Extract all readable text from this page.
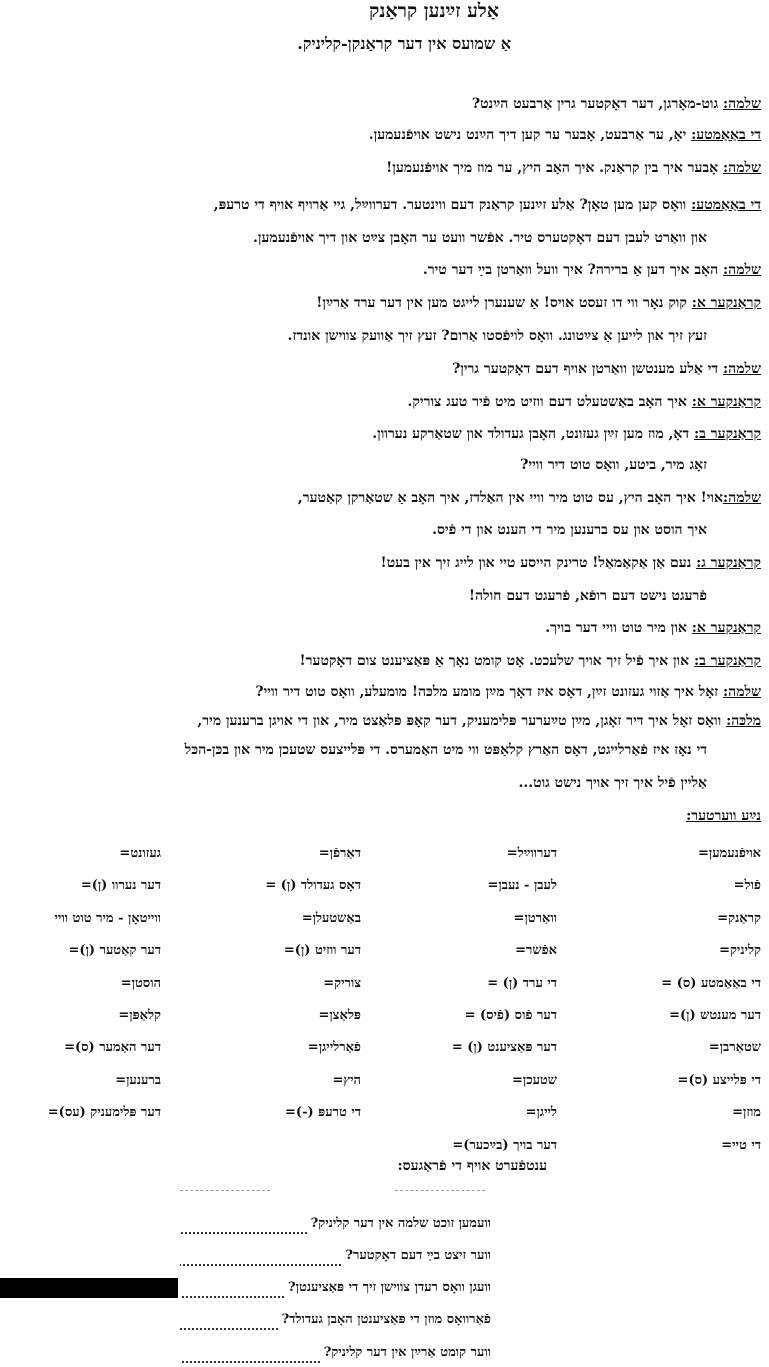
אַלע זײַנען קראַנק
אַ שמועס אין דער קראַנקן-קליניק.
שלמה: גוט-מאָרגן, דער דאָקטער גרין אַרבעט הײַנט?
די באַאַמטע: יאָ, ער אַרבעט, אָבער ער קען דיך הײַנט נישט אויפֿנעמען.
שלמה: אָבער איך בין קראַנק. איך האָב היץ, ער מוז מיך אויפֿנעמען!
די באַאַמטע: וואָס קען מען טאָן? אַלע זײַנען קראַנק דעם ווינטער. דערווײַל, גיי אַרויף אויף די טרעפּ,
און וואַרט לעבן דעם דאָקטערס טיר. אפֿשר וועט ער האָבן צײַט און דיך אויפֿנעמען.
שלמה: האָב איך דען אַ ברירה? איך וועל וואַרטן בײַ דער טיר.
קראַנקער א: קוק נאָר ווי דו זעסט אויס! אַ שענערן לייגט מען אין דער ערד אַרײַן!
זעץ זיך און לייען אַ צײַטונג. וואָס לויפֿסטו אַרום? זעץ זיך אַוועק צווישן אונדז.
שלמה: די אַלע מענטשן וואַרטן אויף דעם דאָקטער גרין?
קראַנקער א: איך האָב באַשטעלט דעם ווזיט מיט פֿיר טעג צוריק.
קראַנקער ב: דאָ, מוז מען זײַן געזונט, האָבן געדולד און שטאַרקע נערוון.
זאָג מיר, ביטע, וואָס טוט דיר וויי?
שלמה:אוי! איך האָב היץ, עס טוט מיר וויי אין האַלדז, איך האָב אַ שטאַרקן קאַטער,
איך הוסט און עס ברענען מיר די הענט און די פֿיס.
קראַנקער ג: נעם אַן אַקאַמאַל! טרינק הייסע טיי און לייג זיך אין בעט!
פֿרעגט נישט דעם רופֿא, פֿרעגט דעם חולה!
קראַנקער א: און מיר טוט וויי דער בויך.
קראַנקער ב: און איך פֿיל זיך אויך שלעכט. אָט קומט נאָך אַ פּאַציענט צום דאָקטער!
שלמה: זאָל איך אַזוי געזונט זײַן, דאָס איז דאָך מײַן מומע מלכּה! מומעלע, וואָס טוט דיר וויי?
מלכּה: וואָס זאָל איך דיר זאָגן, מײַן טײַערער פּלימעניק, דער קאָפּ פּלאַצט מיר, און די אויגן ברענען מיר,
די נאָז איז פֿאַרלייגט, דאָס האַרץ קלאַפּט ווי מיט האַמערס. די פּלייצעס שטעכן מיר און בכּן-הכּל
אַליין פֿיל איך זיך אויך נישט גוט...
נײַע ווערטער:
אויפֿנעמען=
פֿול=
קראַנק=
קליניק=
די באַאַמטע (ס) =
דער מענטש (ן)=
שטאַרבן=
די פּלייצע (ס)=
מוזן=
די טיי=
דערווײַל=
לעבן - נעבן=
וואַרטן=
אפֿשר=
די ערד (ן) =
דער פֿוס (פֿיס) =
דער פּאַציענט (ן) =
שטעכן=
לייגן=
דער בויך (בײַכער)=
דאַרפֿן=
דאָס געדולד (ן) =
באַשטעלן=
דער ווזיט (ן)=
צוריק=
פּלאַצן=
פֿאַרלייגן=
היץ=
די טרעפּ (-)=
געזונט=
דער נערוו (ן)=
ווייטאָן - מיר טוט וויי
דער קאַטער (ן)=
הוסטן=
קלאַפּן=
דער האַמער (ס)=
ברענען=
דער פּלימעניק (עס)=
ענטפֿערט אויף די פֿראַגעס:
וועמען זוכט שלמה אין דער קליניק?
ווער זיצט בײַ דעם דאָקטער?
וועגן וואָס רעדן צווישן זיך די פּאַציענטן?
פֿאַרוואָס מוזן די פּאַציענטן האָבן געדולד?
ווער קומט אַרײַן אין דער קליניק?
